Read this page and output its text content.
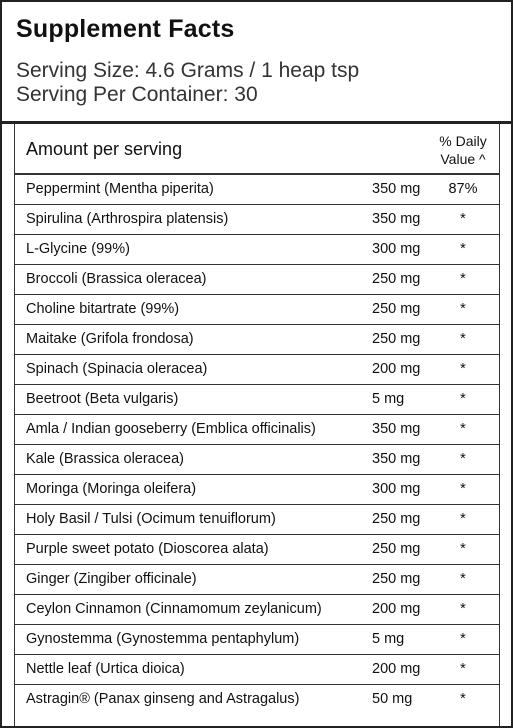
Supplement Facts
Serving Size: 4.6 Grams / 1 heap tsp
Serving Per Container: 30
Amount per serving	% Daily
Value ^
Peppermint (Mentha piperita)	350 mg	87%
Spirulina (Arthrospira platensis)	350 mg	*
L-Glycine (99%)	300 mg	*
Broccoli (Brassica oleracea)	250 mg	*
Choline bitartrate (99%)	250 mg	*
Maitake (Grifola frondosa)	250 mg	*
Spinach (Spinacia oleracea)	200 mg	*
Beetroot (Beta vulgaris)	5 mg	*
Amla / Indian gooseberry (Emblica officinalis)	350 mg	*
Kale (Brassica oleracea)	350 mg	*
Moringa (Moringa oleifera)	300 mg	*
Holy Basil / Tulsi (Ocimum tenuiflorum)	250 mg	*
Purple sweet potato (Dioscorea alata)	250 mg	*
Ginger (Zingiber officinale)	250 mg	*
Ceylon Cinnamon (Cinnamomum zeylanicum)	200 mg	*
Gynostemma (Gynostemma pentaphylum)	5 mg	*
Nettle leaf (Urtica dioica)	200 mg	*
Astragin® (Panax ginseng and Astragalus)	50 mg	*
